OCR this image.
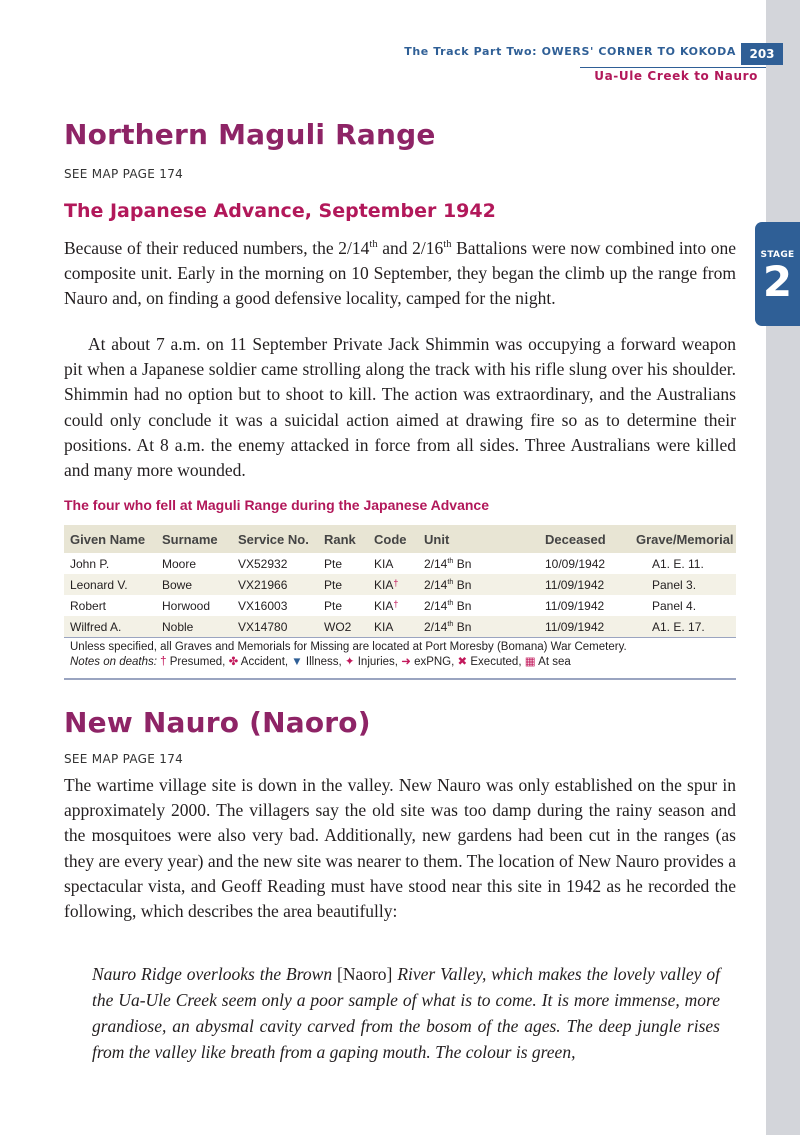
STAGE
2
The Track Part Two: OWERS' CORNER TO KOKODA	203
Ua-Ule Creek to Nauro
Northern Maguli Range
SEE MAP PAGE 174
The Japanese Advance, September 1942

Because of their reduced numbers, the 2/14th and 2/16th Battalions were now combined into one composite unit. Early in the morning on 10 September, they began the climb up the range from Nauro and, on finding a good defensive locality, camped for the night.

At about 7 a.m. on 11 September Private Jack Shimmin was occupying a forward weapon pit when a Japanese soldier came strolling along the track with his rifle slung over his shoulder. Shimmin had no option but to shoot to kill. The action was extraordinary, and the Australians could only conclude it was a suicidal action aimed at drawing fire so as to determine their positions. At 8 a.m. the enemy attacked in force from all sides. Three Australians were killed and many more wounded.

The four who fell at Maguli Range during the Japanese Advance
Given Name	Surname	Service No.	Rank	Code	Unit	Deceased	Grave/Memorial
John P.	Moore	VX52932	Pte	KIA	2/14th Bn	10/09/1942	A1. E. 11.
Leonard V.	Bowe	VX21966	Pte	KIA†	2/14th Bn	11/09/1942	Panel 3.
Robert	Horwood	VX16003	Pte	KIA†	2/14th Bn	11/09/1942	Panel 4.
Wilfred A.	Noble	VX14780	WO2	KIA	2/14th Bn	11/09/1942	A1. E. 17.
Unless specified, all Graves and Memorials for Missing are located at Port Moresby (Bomana) War Cemetery.
Notes on deaths: † Presumed, ✤ Accident, ▼ Illness, ✦ Injuries, ➜ exPNG, ✖ Executed, ▦ At sea
New Nauro (Naoro)
SEE MAP PAGE 174

The wartime village site is down in the valley. New Nauro was only established on the spur in approximately 2000. The villagers say the old site was too damp during the rainy season and the mosquitoes were also very bad. Additionally, new gardens had been cut in the ranges (as they are every year) and the new site was nearer to them. The location of New Nauro provides a spectacular vista, and Geoff Reading must have stood near this site in 1942 as he recorded the following, which describes the area beautifully:

Nauro Ridge overlooks the Brown [Naoro] River Valley, which makes the lovely valley of the Ua-Ule Creek seem only a poor sample of what is to come. It is more immense, more grandiose, an abysmal cavity carved from the bosom of the ages. The deep jungle rises from the valley like breath from a gaping mouth. The colour is green,
